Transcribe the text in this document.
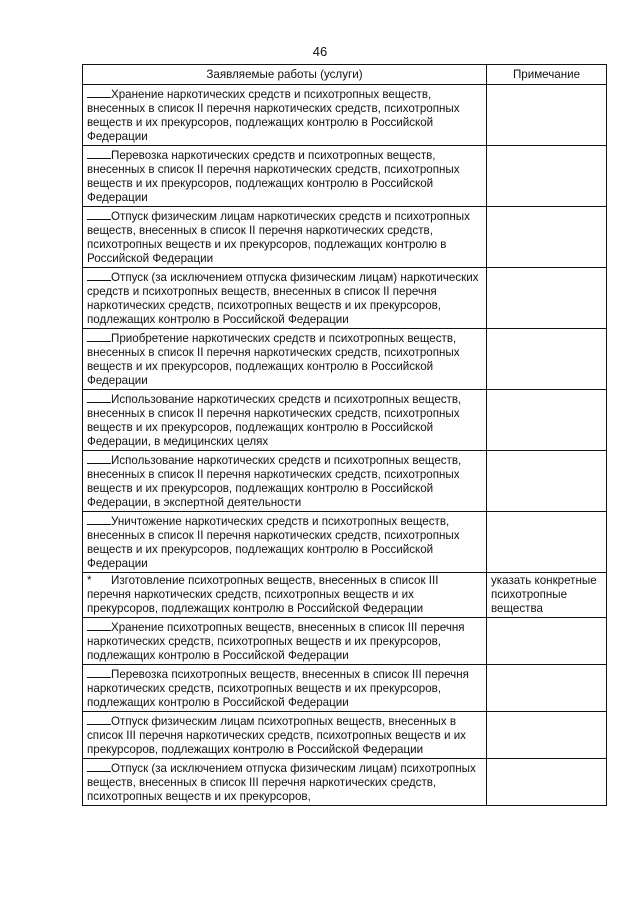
46
Заявляемые работы (услуги)	Примечание
Хранение наркотических средств и психотропных веществ, внесенных в список II перечня наркотических средств, психотропных веществ и их прекурсоров, подлежащих контролю в Российской Федерации	
Перевозка наркотических средств и психотропных веществ, внесенных в список II перечня наркотических средств, психотропных веществ и их прекурсоров, подлежащих контролю в Российской Федерации	
Отпуск физическим лицам наркотических средств и психотропных веществ, внесенных в список II перечня наркотических средств, психотропных веществ и их прекурсоров, подлежащих контролю в Российской Федерации	
Отпуск (за исключением отпуска физическим лицам) наркотических средств и психотропных веществ, внесенных в список II перечня наркотических средств, психотропных веществ и их прекурсоров, подлежащих контролю в Российской Федерации	
Приобретение наркотических средств и психотропных веществ, внесенных в список II перечня наркотических средств, психотропных веществ и их прекурсоров, подлежащих контролю в Российской Федерации	
Использование наркотических средств и психотропных веществ, внесенных в список II перечня наркотических средств, психотропных веществ и их прекурсоров, подлежащих контролю в Российской Федерации, в медицинских целях	
Использование наркотических средств и психотропных веществ, внесенных в список II перечня наркотических средств, психотропных веществ и их прекурсоров, подлежащих контролю в Российской Федерации, в экспертной деятельности	
Уничтожение наркотических средств и психотропных веществ, внесенных в список II перечня наркотических средств, психотропных веществ и их прекурсоров, подлежащих контролю в Российской Федерации	
* Изготовление психотропных веществ, внесенных в список III перечня наркотических средств, психотропных веществ и их прекурсоров, подлежащих контролю в Российской Федерации	указать конкретные психотропные вещества
Хранение психотропных веществ, внесенных в список III перечня наркотических средств, психотропных веществ и их прекурсоров, подлежащих контролю в Российской Федерации	
Перевозка психотропных веществ, внесенных в список III перечня наркотических средств, психотропных веществ и их прекурсоров, подлежащих контролю в Российской Федерации	
Отпуск физическим лицам психотропных веществ, внесенных в список III перечня наркотических средств, психотропных веществ и их прекурсоров, подлежащих контролю в Российской Федерации	
Отпуск (за исключением отпуска физическим лицам) психотропных веществ, внесенных в список III перечня наркотических средств, психотропных веществ и их прекурсоров,	
